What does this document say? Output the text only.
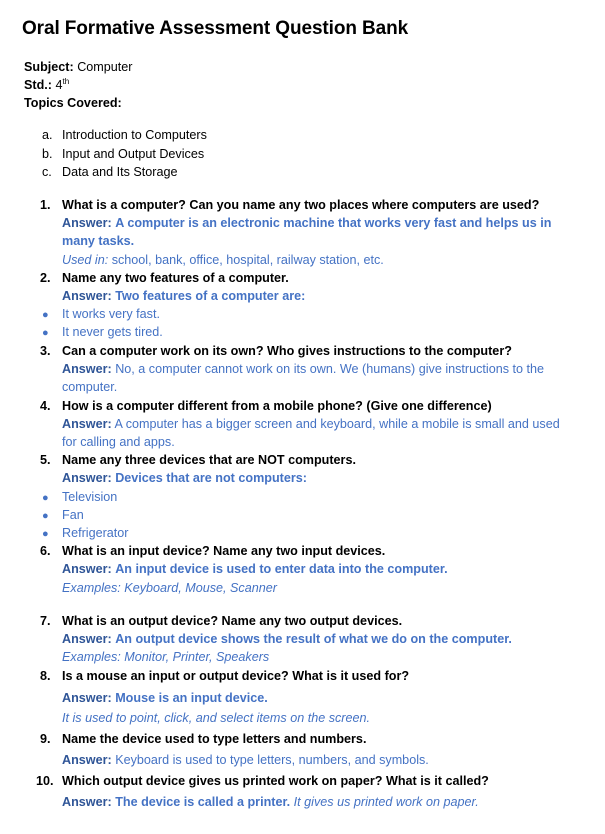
Oral Formative Assessment Question Bank
Subject: Computer
Std.: 4th
Topics Covered:
a. Introduction to Computers
b. Input and Output Devices
c. Data and Its Storage
1. What is a computer? Can you name any two places where computers are used?
Answer: A computer is an electronic machine that works very fast and helps us in many tasks.
Used in: school, bank, office, hospital, railway station, etc.
2. Name any two features of a computer.
Answer: Two features of a computer are:
● It works very fast.
● It never gets tired.
3. Can a computer work on its own? Who gives instructions to the computer?
Answer: No, a computer cannot work on its own. We (humans) give instructions to the computer.
4. How is a computer different from a mobile phone? (Give one difference)
Answer: A computer has a bigger screen and keyboard, while a mobile is small and used for calling and apps.
5. Name any three devices that are NOT computers.
Answer: Devices that are not computers:
● Television
● Fan
● Refrigerator
6. What is an input device? Name any two input devices.
Answer: An input device is used to enter data into the computer.
Examples: Keyboard, Mouse, Scanner
7. What is an output device? Name any two output devices.
Answer: An output device shows the result of what we do on the computer.
Examples: Monitor, Printer, Speakers
8. Is a mouse an input or output device? What is it used for?
Answer: Mouse is an input device.
It is used to point, click, and select items on the screen.
9. Name the device used to type letters and numbers.
Answer: Keyboard is used to type letters, numbers, and symbols.
10. Which output device gives us printed work on paper? What is it called?
Answer: The device is called a printer. It gives us printed work on paper.
